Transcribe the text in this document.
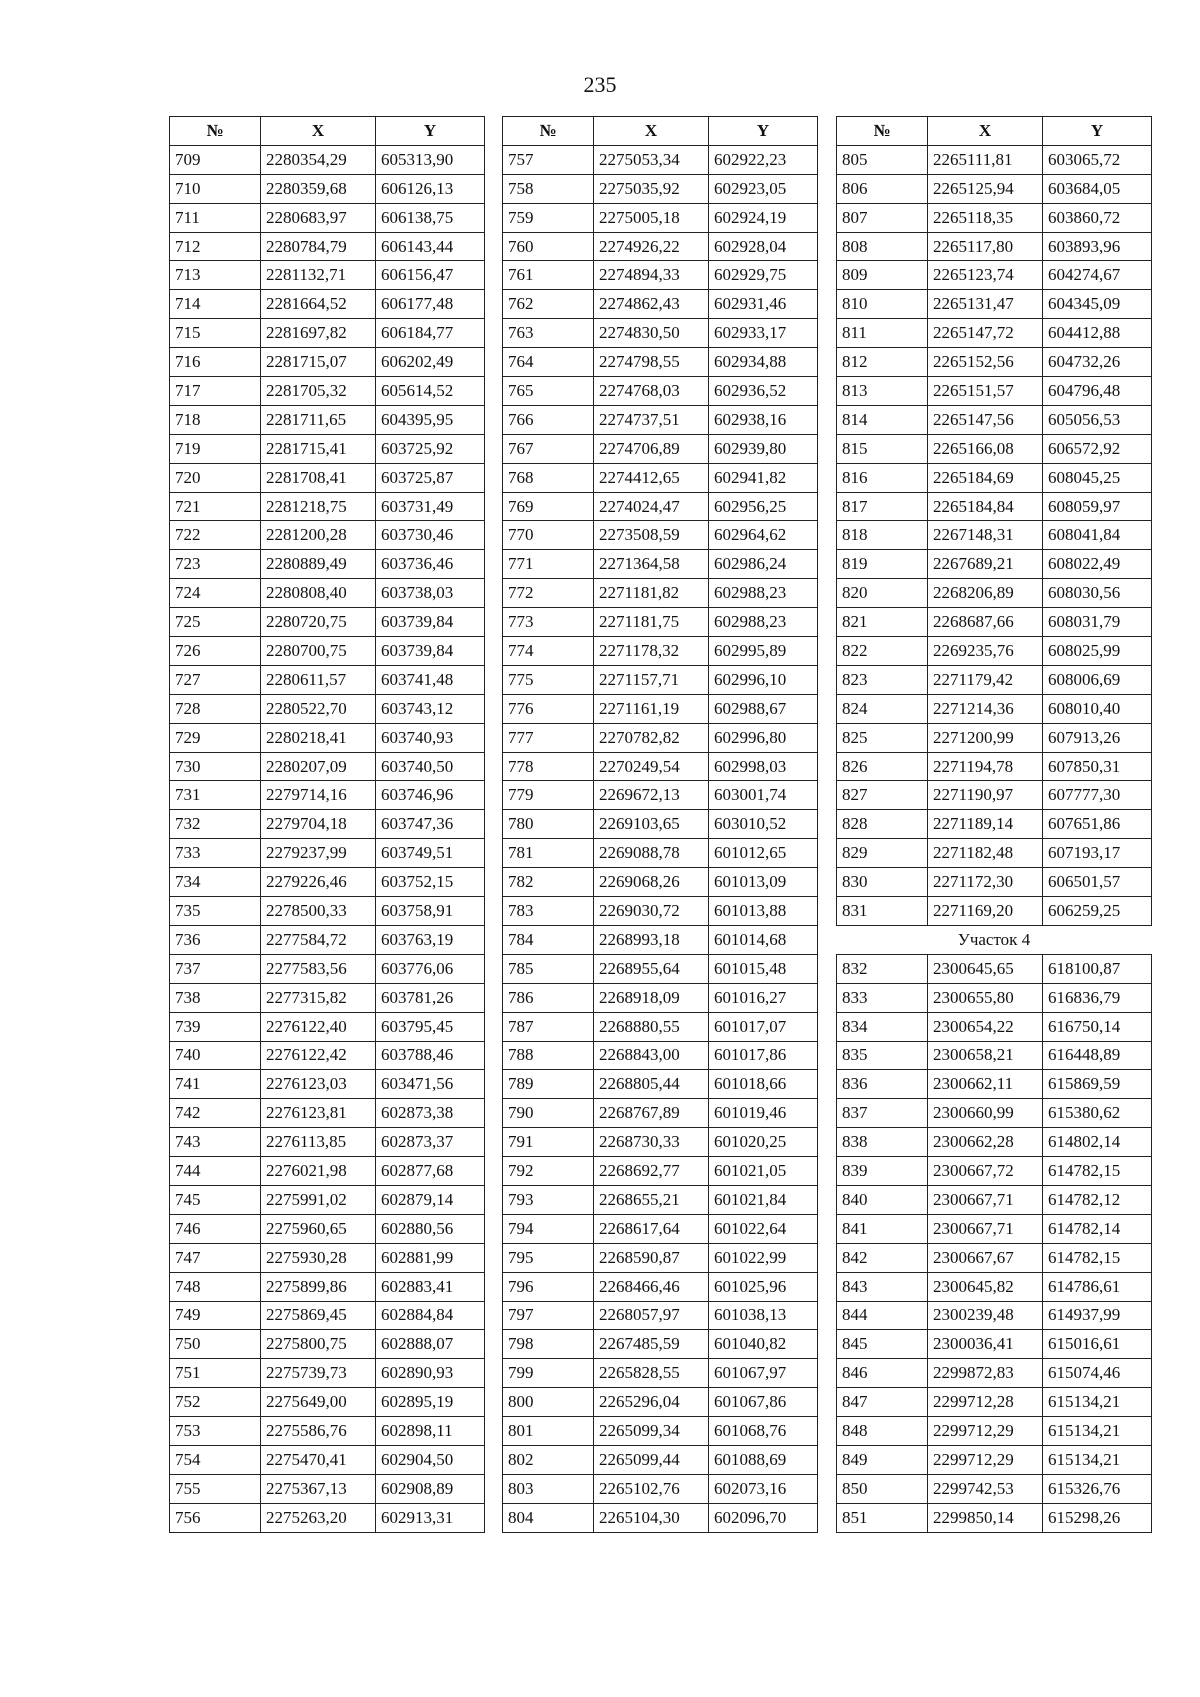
235
№	X	Y
709	2280354,29	605313,90
710	2280359,68	606126,13
711	2280683,97	606138,75
712	2280784,79	606143,44
713	2281132,71	606156,47
714	2281664,52	606177,48
715	2281697,82	606184,77
716	2281715,07	606202,49
717	2281705,32	605614,52
718	2281711,65	604395,95
719	2281715,41	603725,92
720	2281708,41	603725,87
721	2281218,75	603731,49
722	2281200,28	603730,46
723	2280889,49	603736,46
724	2280808,40	603738,03
725	2280720,75	603739,84
726	2280700,75	603739,84
727	2280611,57	603741,48
728	2280522,70	603743,12
729	2280218,41	603740,93
730	2280207,09	603740,50
731	2279714,16	603746,96
732	2279704,18	603747,36
733	2279237,99	603749,51
734	2279226,46	603752,15
735	2278500,33	603758,91
736	2277584,72	603763,19
737	2277583,56	603776,06
738	2277315,82	603781,26
739	2276122,40	603795,45
740	2276122,42	603788,46
741	2276123,03	603471,56
742	2276123,81	602873,38
743	2276113,85	602873,37
744	2276021,98	602877,68
745	2275991,02	602879,14
746	2275960,65	602880,56
747	2275930,28	602881,99
748	2275899,86	602883,41
749	2275869,45	602884,84
750	2275800,75	602888,07
751	2275739,73	602890,93
752	2275649,00	602895,19
753	2275586,76	602898,11
754	2275470,41	602904,50
755	2275367,13	602908,89
756	2275263,20	602913,31
№	X	Y
757	2275053,34	602922,23
758	2275035,92	602923,05
759	2275005,18	602924,19
760	2274926,22	602928,04
761	2274894,33	602929,75
762	2274862,43	602931,46
763	2274830,50	602933,17
764	2274798,55	602934,88
765	2274768,03	602936,52
766	2274737,51	602938,16
767	2274706,89	602939,80
768	2274412,65	602941,82
769	2274024,47	602956,25
770	2273508,59	602964,62
771	2271364,58	602986,24
772	2271181,82	602988,23
773	2271181,75	602988,23
774	2271178,32	602995,89
775	2271157,71	602996,10
776	2271161,19	602988,67
777	2270782,82	602996,80
778	2270249,54	602998,03
779	2269672,13	603001,74
780	2269103,65	603010,52
781	2269088,78	601012,65
782	2269068,26	601013,09
783	2269030,72	601013,88
784	2268993,18	601014,68
785	2268955,64	601015,48
786	2268918,09	601016,27
787	2268880,55	601017,07
788	2268843,00	601017,86
789	2268805,44	601018,66
790	2268767,89	601019,46
791	2268730,33	601020,25
792	2268692,77	601021,05
793	2268655,21	601021,84
794	2268617,64	601022,64
795	2268590,87	601022,99
796	2268466,46	601025,96
797	2268057,97	601038,13
798	2267485,59	601040,82
799	2265828,55	601067,97
800	2265296,04	601067,86
801	2265099,34	601068,76
802	2265099,44	601088,69
803	2265102,76	602073,16
804	2265104,30	602096,70
№	X	Y
805	2265111,81	603065,72
806	2265125,94	603684,05
807	2265118,35	603860,72
808	2265117,80	603893,96
809	2265123,74	604274,67
810	2265131,47	604345,09
811	2265147,72	604412,88
812	2265152,56	604732,26
813	2265151,57	604796,48
814	2265147,56	605056,53
815	2265166,08	606572,92
816	2265184,69	608045,25
817	2265184,84	608059,97
818	2267148,31	608041,84
819	2267689,21	608022,49
820	2268206,89	608030,56
821	2268687,66	608031,79
822	2269235,76	608025,99
823	2271179,42	608006,69
824	2271214,36	608010,40
825	2271200,99	607913,26
826	2271194,78	607850,31
827	2271190,97	607777,30
828	2271189,14	607651,86
829	2271182,48	607193,17
830	2271172,30	606501,57
831	2271169,20	606259,25
Участок 4		
832	2300645,65	618100,87
833	2300655,80	616836,79
834	2300654,22	616750,14
835	2300658,21	616448,89
836	2300662,11	615869,59
837	2300660,99	615380,62
838	2300662,28	614802,14
839	2300667,72	614782,15
840	2300667,71	614782,12
841	2300667,71	614782,14
842	2300667,67	614782,15
843	2300645,82	614786,61
844	2300239,48	614937,99
845	2300036,41	615016,61
846	2299872,83	615074,46
847	2299712,28	615134,21
848	2299712,29	615134,21
849	2299712,29	615134,21
850	2299742,53	615326,76
851	2299850,14	615298,26
